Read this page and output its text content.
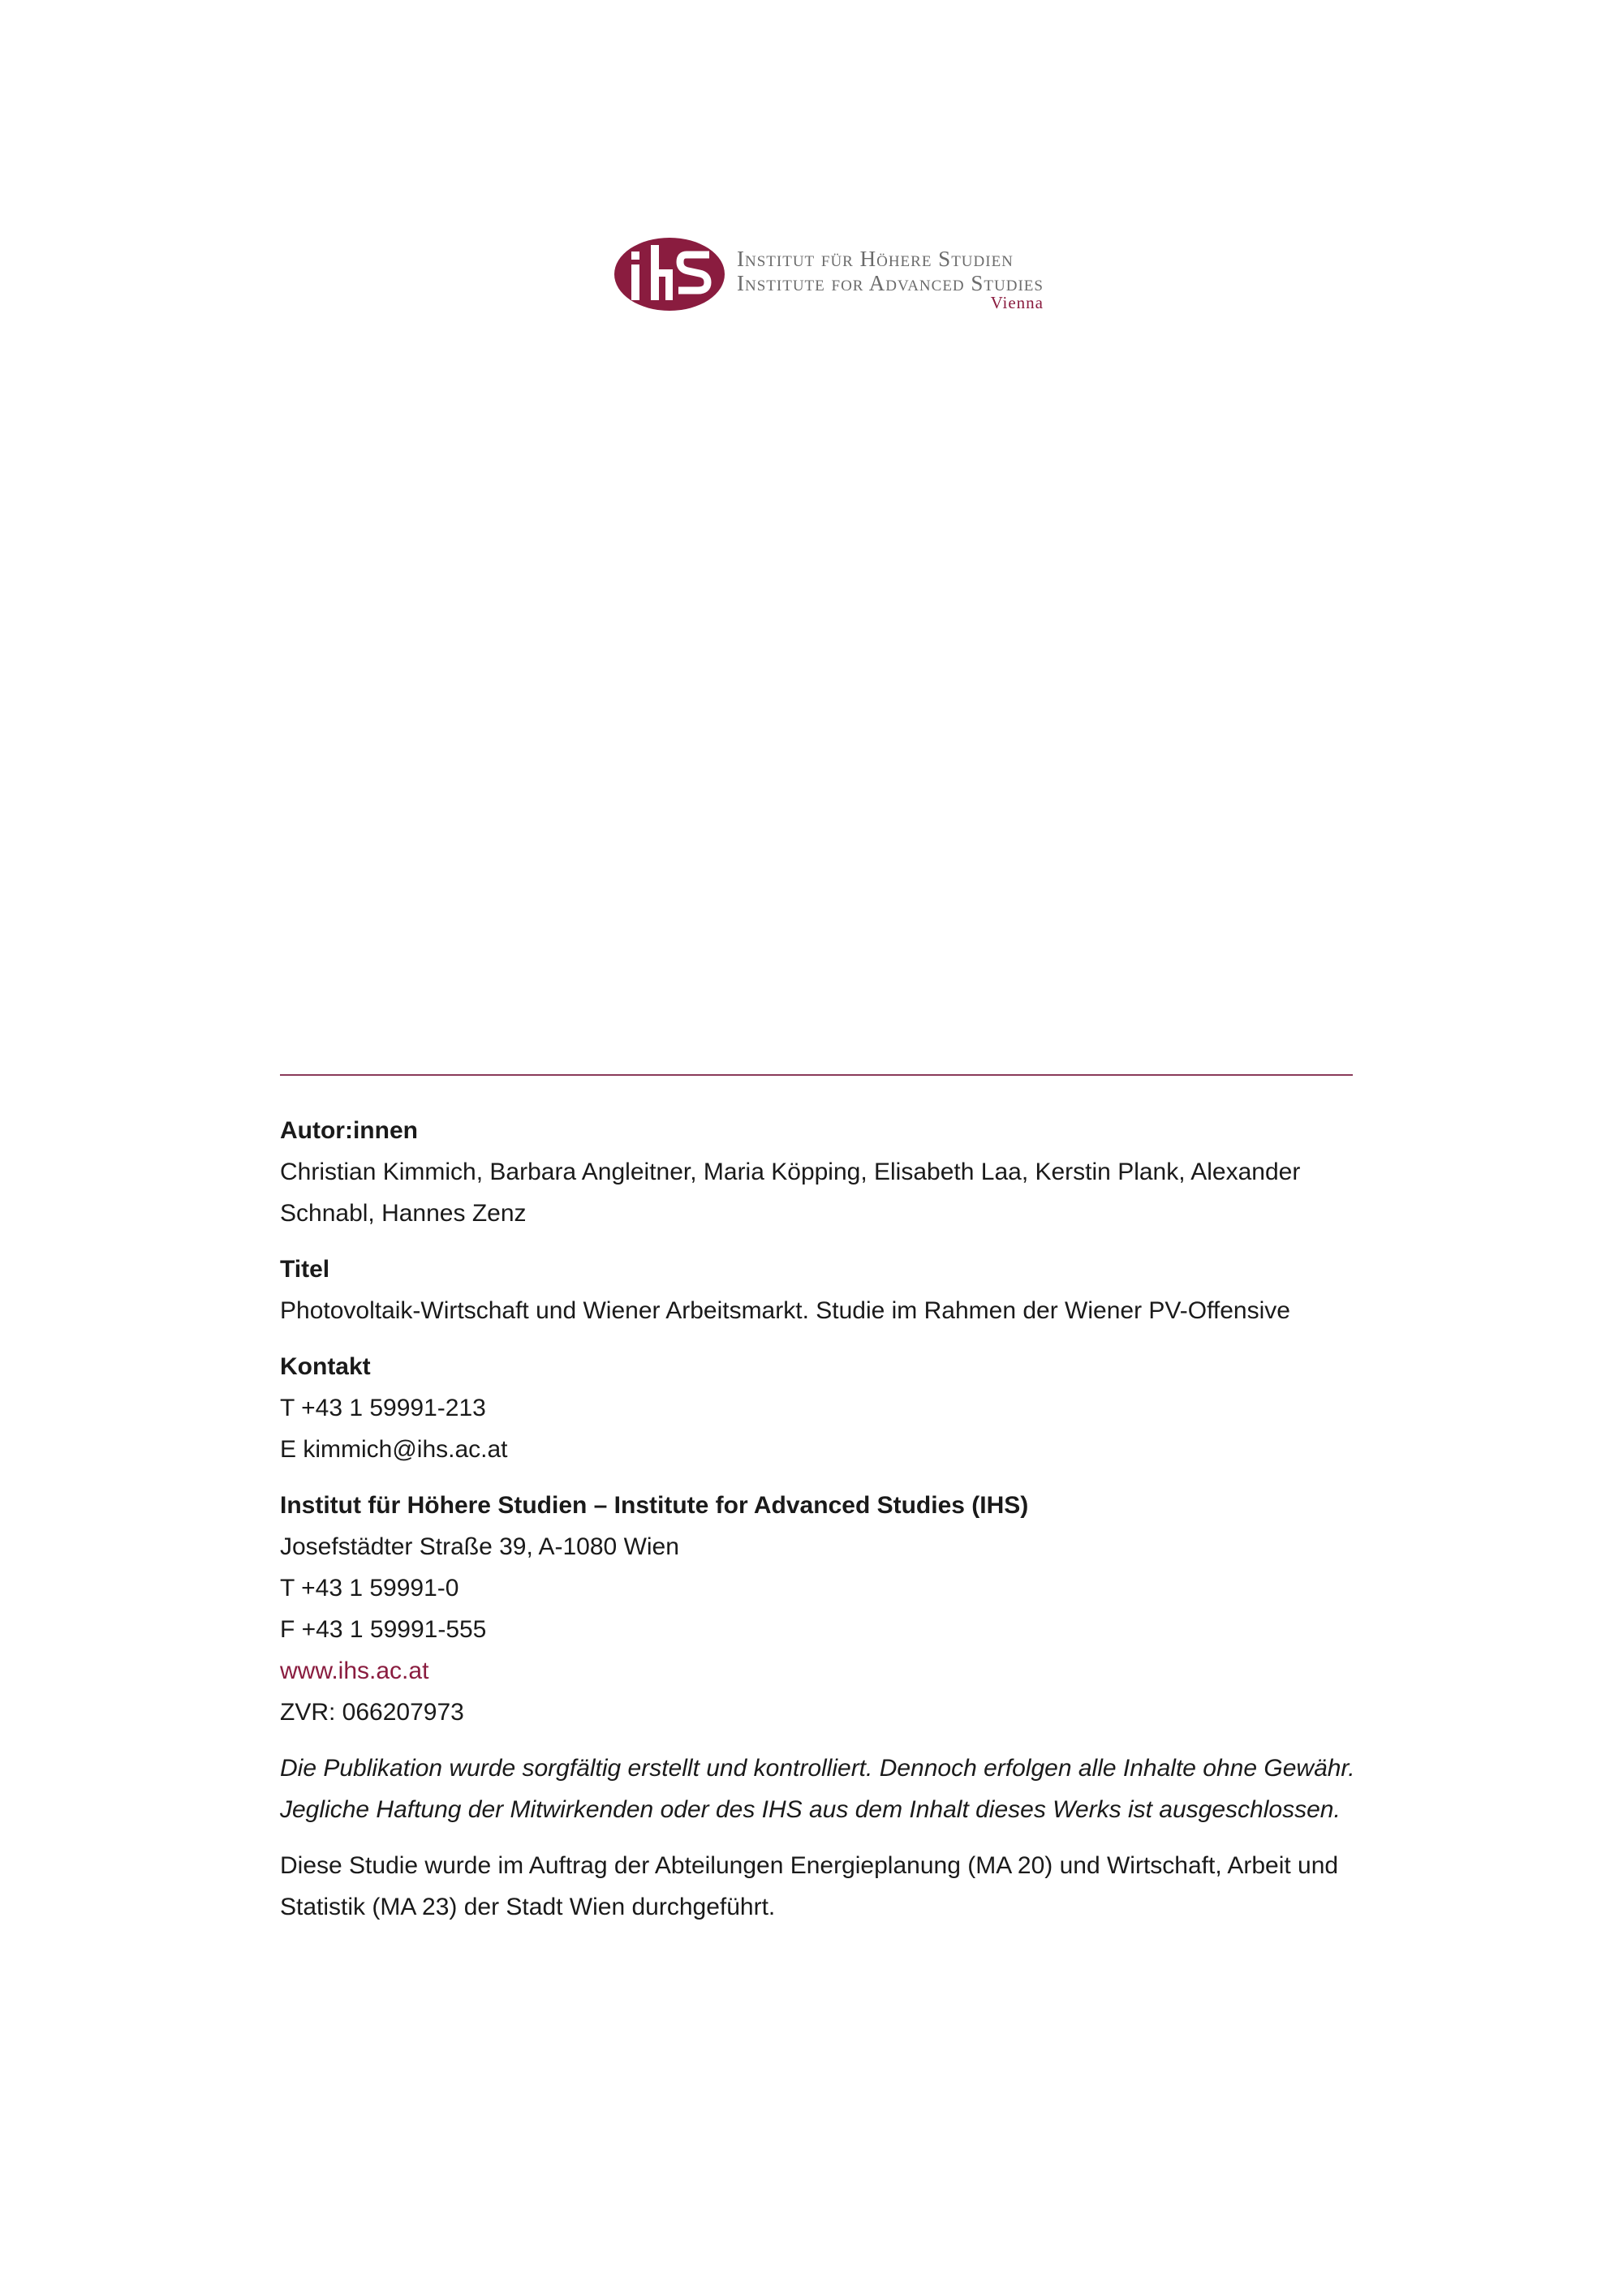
Institut für Höhere Studien
Institute for Advanced Studies
Vienna
Autor:innen
Christian Kimmich, Barbara Angleitner, Maria Köpping, Elisabeth Laa, Kerstin Plank, Alexander Schnabl, Hannes Zenz
Titel
Photovoltaik-Wirtschaft und Wiener Arbeitsmarkt. Studie im Rahmen der Wiener PV-Offensive
Kontakt
T +43 1 59991-213
E kimmich@ihs.ac.at
Institut für Höhere Studien – Institute for Advanced Studies (IHS)
Josefstädter Straße 39, A-1080 Wien
T +43 1 59991-0
F +43 1 59991-555
www.ihs.ac.at
ZVR: 066207973
Die Publikation wurde sorgfältig erstellt und kontrolliert. Dennoch erfolgen alle Inhalte ohne Gewähr. Jegliche Haftung der Mitwirkenden oder des IHS aus dem Inhalt dieses Werks ist ausgeschlossen.
Diese Studie wurde im Auftrag der Abteilungen Energieplanung (MA 20) und Wirtschaft, Arbeit und Statistik (MA 23) der Stadt Wien durchgeführt.
